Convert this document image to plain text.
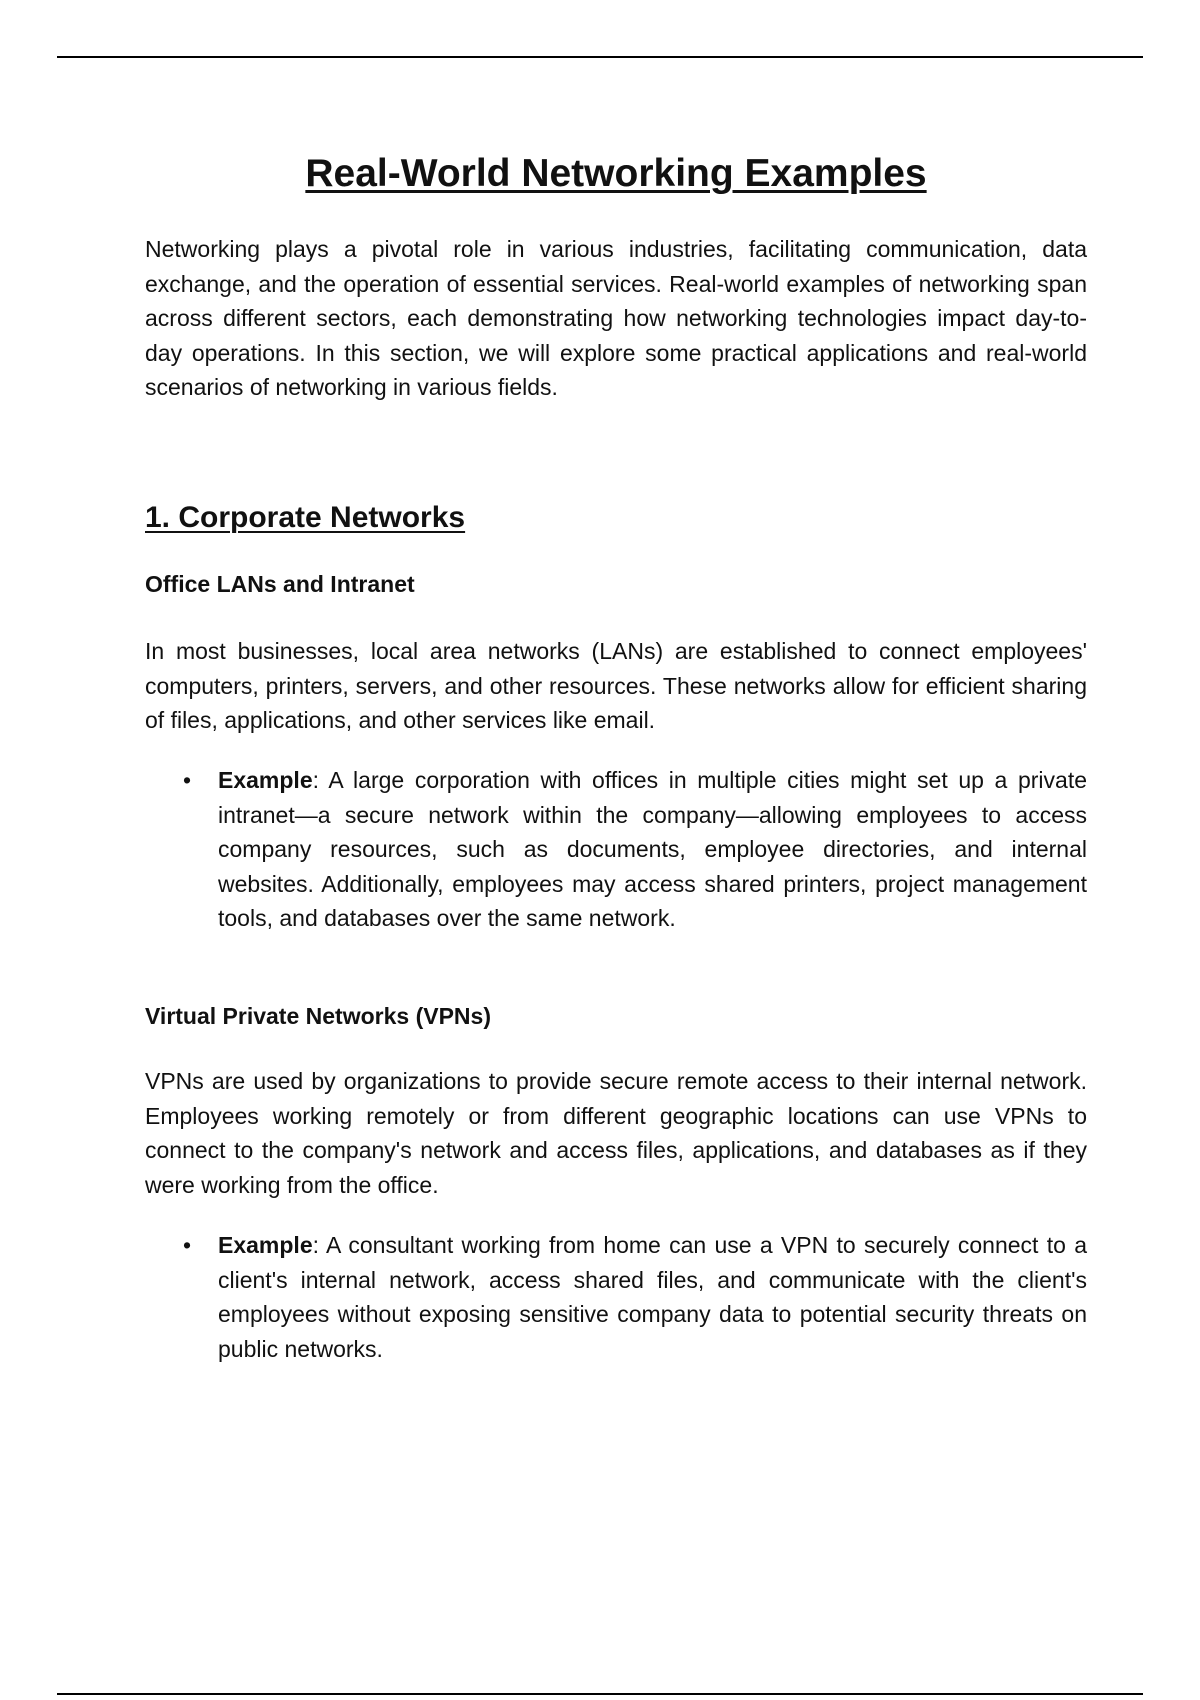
Real-World Networking Examples

Networking plays a pivotal role in various industries, facilitating communication, data exchange, and the operation of essential services. Real-world examples of networking span across different sectors, each demonstrating how networking technologies impact day-to-day operations. In this section, we will explore some practical applications and real-world scenarios of networking in various fields.

1. Corporate Networks
Office LANs and Intranet

In most businesses, local area networks (LANs) are established to connect employees' computers, printers, servers, and other resources. These networks allow for efficient sharing of files, applications, and other services like email.

• Example: A large corporation with offices in multiple cities might set up a private intranet—a secure network within the company—allowing employees to access company resources, such as documents, employee directories, and internal websites. Additionally, employees may access shared printers, project management tools, and databases over the same network.

Virtual Private Networks (VPNs)

VPNs are used by organizations to provide secure remote access to their internal network. Employees working remotely or from different geographic locations can use VPNs to connect to the company's network and access files, applications, and databases as if they were working from the office.

• Example: A consultant working from home can use a VPN to securely connect to a client's internal network, access shared files, and communicate with the client's employees without exposing sensitive company data to potential security threats on public networks.
